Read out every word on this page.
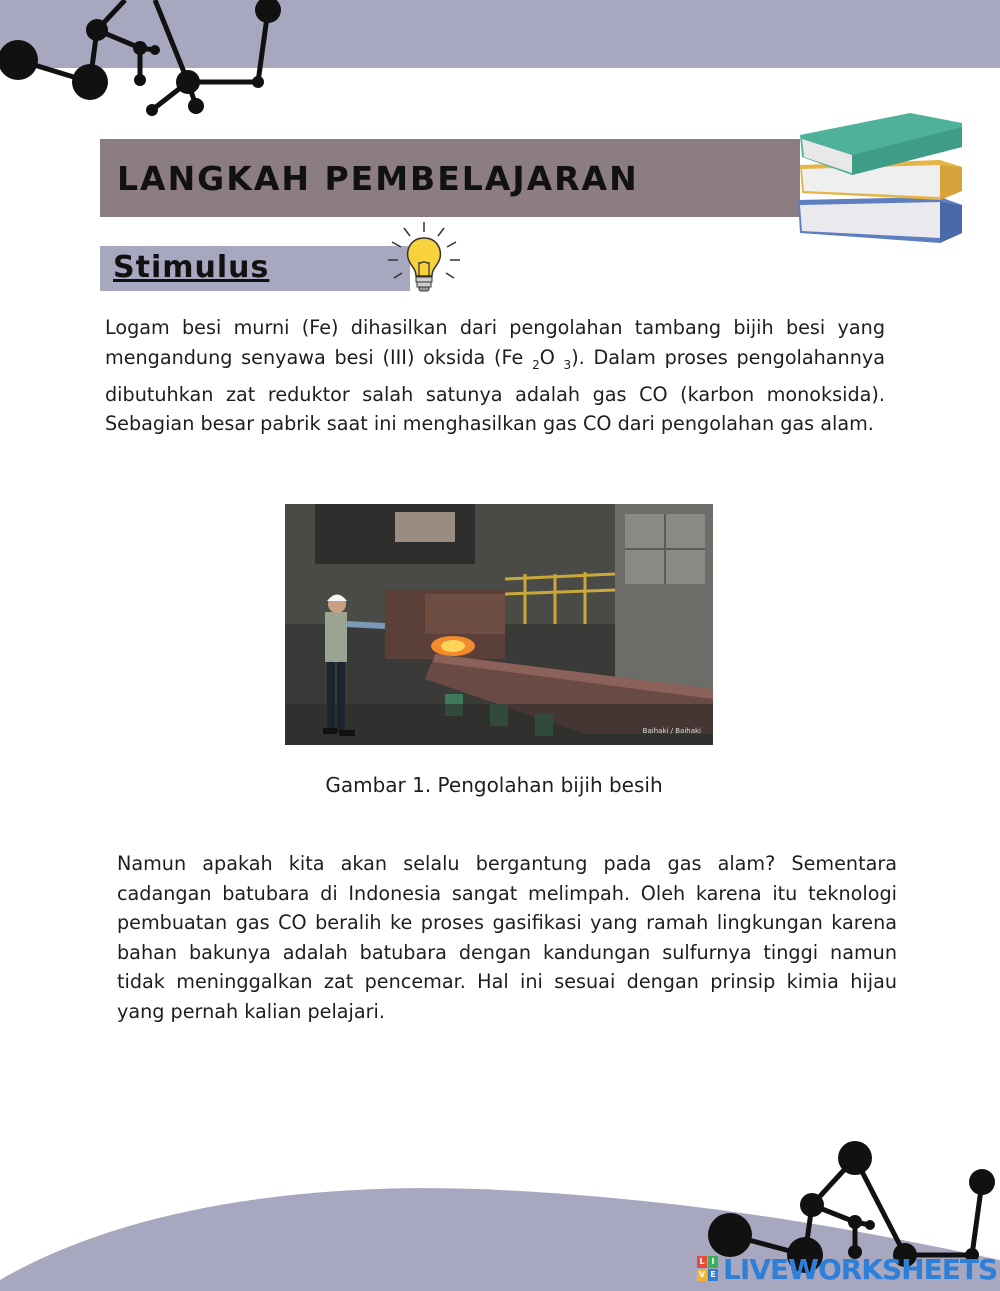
LANGKAH PEMBELAJARAN
Stimulus
Logam besi murni (Fe) dihasilkan dari pengolahan tambang bijih besi yang mengandung senyawa besi (III) oksida (Fe $_2$O $_3$). Dalam proses pengolahannya dibutuhkan zat reduktor salah satunya adalah gas CO (karbon monoksida). Sebagian besar pabrik saat ini menghasilkan gas CO dari pengolahan gas alam.
Baihaki / Baihaki
Gambar 1. Pengolahan bijih besih
Namun apakah kita akan selalu bergantung pada gas alam? Sementara cadangan batubara di Indonesia sangat melimpah. Oleh karena itu teknologi pembuatan gas CO beralih ke proses gasifikasi yang ramah lingkungan karena bahan bakunya adalah batubara dengan kandungan sulfurnya tinggi namun tidak meninggalkan zat pencemar. Hal ini sesuai dengan prinsip kimia hijau yang pernah kalian pelajari.
L I
V E LIVEWORKSHEETS
